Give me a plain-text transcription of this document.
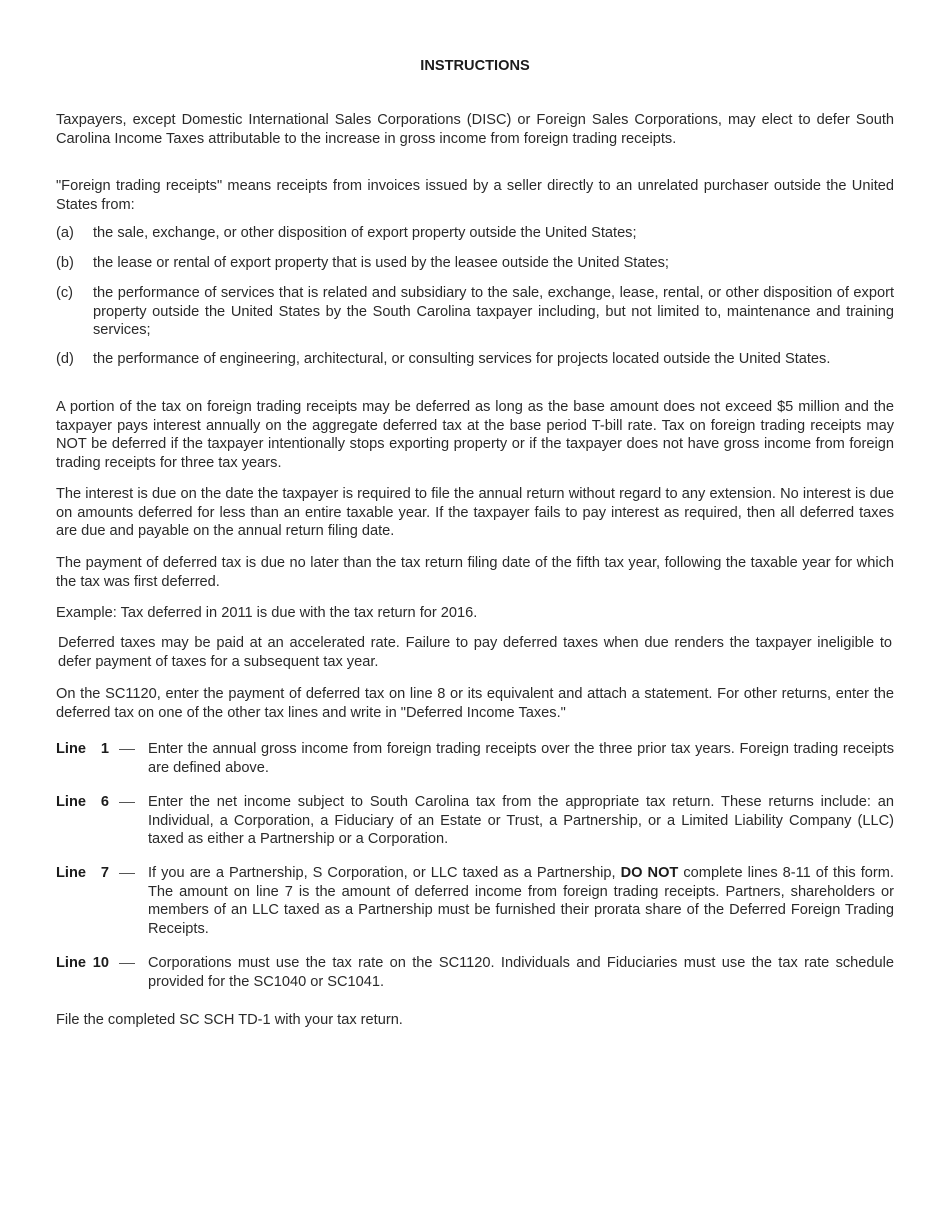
INSTRUCTIONS

Taxpayers, except Domestic International Sales Corporations (DISC) or Foreign Sales Corporations, may elect to defer South Carolina Income Taxes attributable to the increase in gross income from foreign trading receipts.

"Foreign trading receipts" means receipts from invoices issued by a seller directly to an unrelated purchaser outside the United States from:

(a)	the sale, exchange, or other disposition of export property outside the United States;
(b)	the lease or rental of export property that is used by the leasee outside the United States;
(c)	the performance of services that is related and subsidiary to the sale, exchange, lease, rental, or other disposition of export property outside the United States by the South Carolina taxpayer including, but not limited to, maintenance and training services;
(d)	the performance of engineering, architectural, or consulting services for projects located outside the United States.

A portion of the tax on foreign trading receipts may be deferred as long as the base amount does not exceed $5 million and the taxpayer pays interest annually on the aggregate deferred tax at the base period T-bill rate. Tax on foreign trading receipts may NOT be deferred if the taxpayer intentionally stops exporting property or if the taxpayer does not have gross income from foreign trading receipts for three tax years.

The interest is due on the date the taxpayer is required to file the annual return without regard to any extension. No interest is due on amounts deferred for less than an entire taxable year. If the taxpayer fails to pay interest as required, then all deferred taxes are due and payable on the annual return filing date.

The payment of deferred tax is due no later than the tax return filing date of the fifth tax year, following the taxable year for which the tax was first deferred.

Example: Tax deferred in 2011 is due with the tax return for 2016.

Deferred taxes may be paid at an accelerated rate. Failure to pay deferred taxes when due renders the taxpayer ineligible to defer payment of taxes for a subsequent tax year.

On the SC1120, enter the payment of deferred tax on line 8 or its equivalent and attach a statement. For other returns, enter the deferred tax on one of the other tax lines and write in "Deferred Income Taxes."

Line 1	Enter the annual gross income from foreign trading receipts over the three prior tax years. Foreign trading receipts are defined above.
Line 6	Enter the net income subject to South Carolina tax from the appropriate tax return. These returns include: an Individual, a Corporation, a Fiduciary of an Estate or Trust, a Partnership, or a Limited Liability Company (LLC) taxed as either a Partnership or a Corporation.
Line 7	If you are a Partnership, S Corporation, or LLC taxed as a Partnership, DO NOT complete lines 8-11 of this form. The amount on line 7 is the amount of deferred income from foreign trading receipts. Partners, shareholders or members of an LLC taxed as a Partnership must be furnished their prorata share of the Deferred Foreign Trading Receipts.
Line 10	Corporations must use the tax rate on the SC1120. Individuals and Fiduciaries must use the tax rate schedule provided for the SC1040 or SC1041.

File the completed SC SCH TD-1 with your tax return.
